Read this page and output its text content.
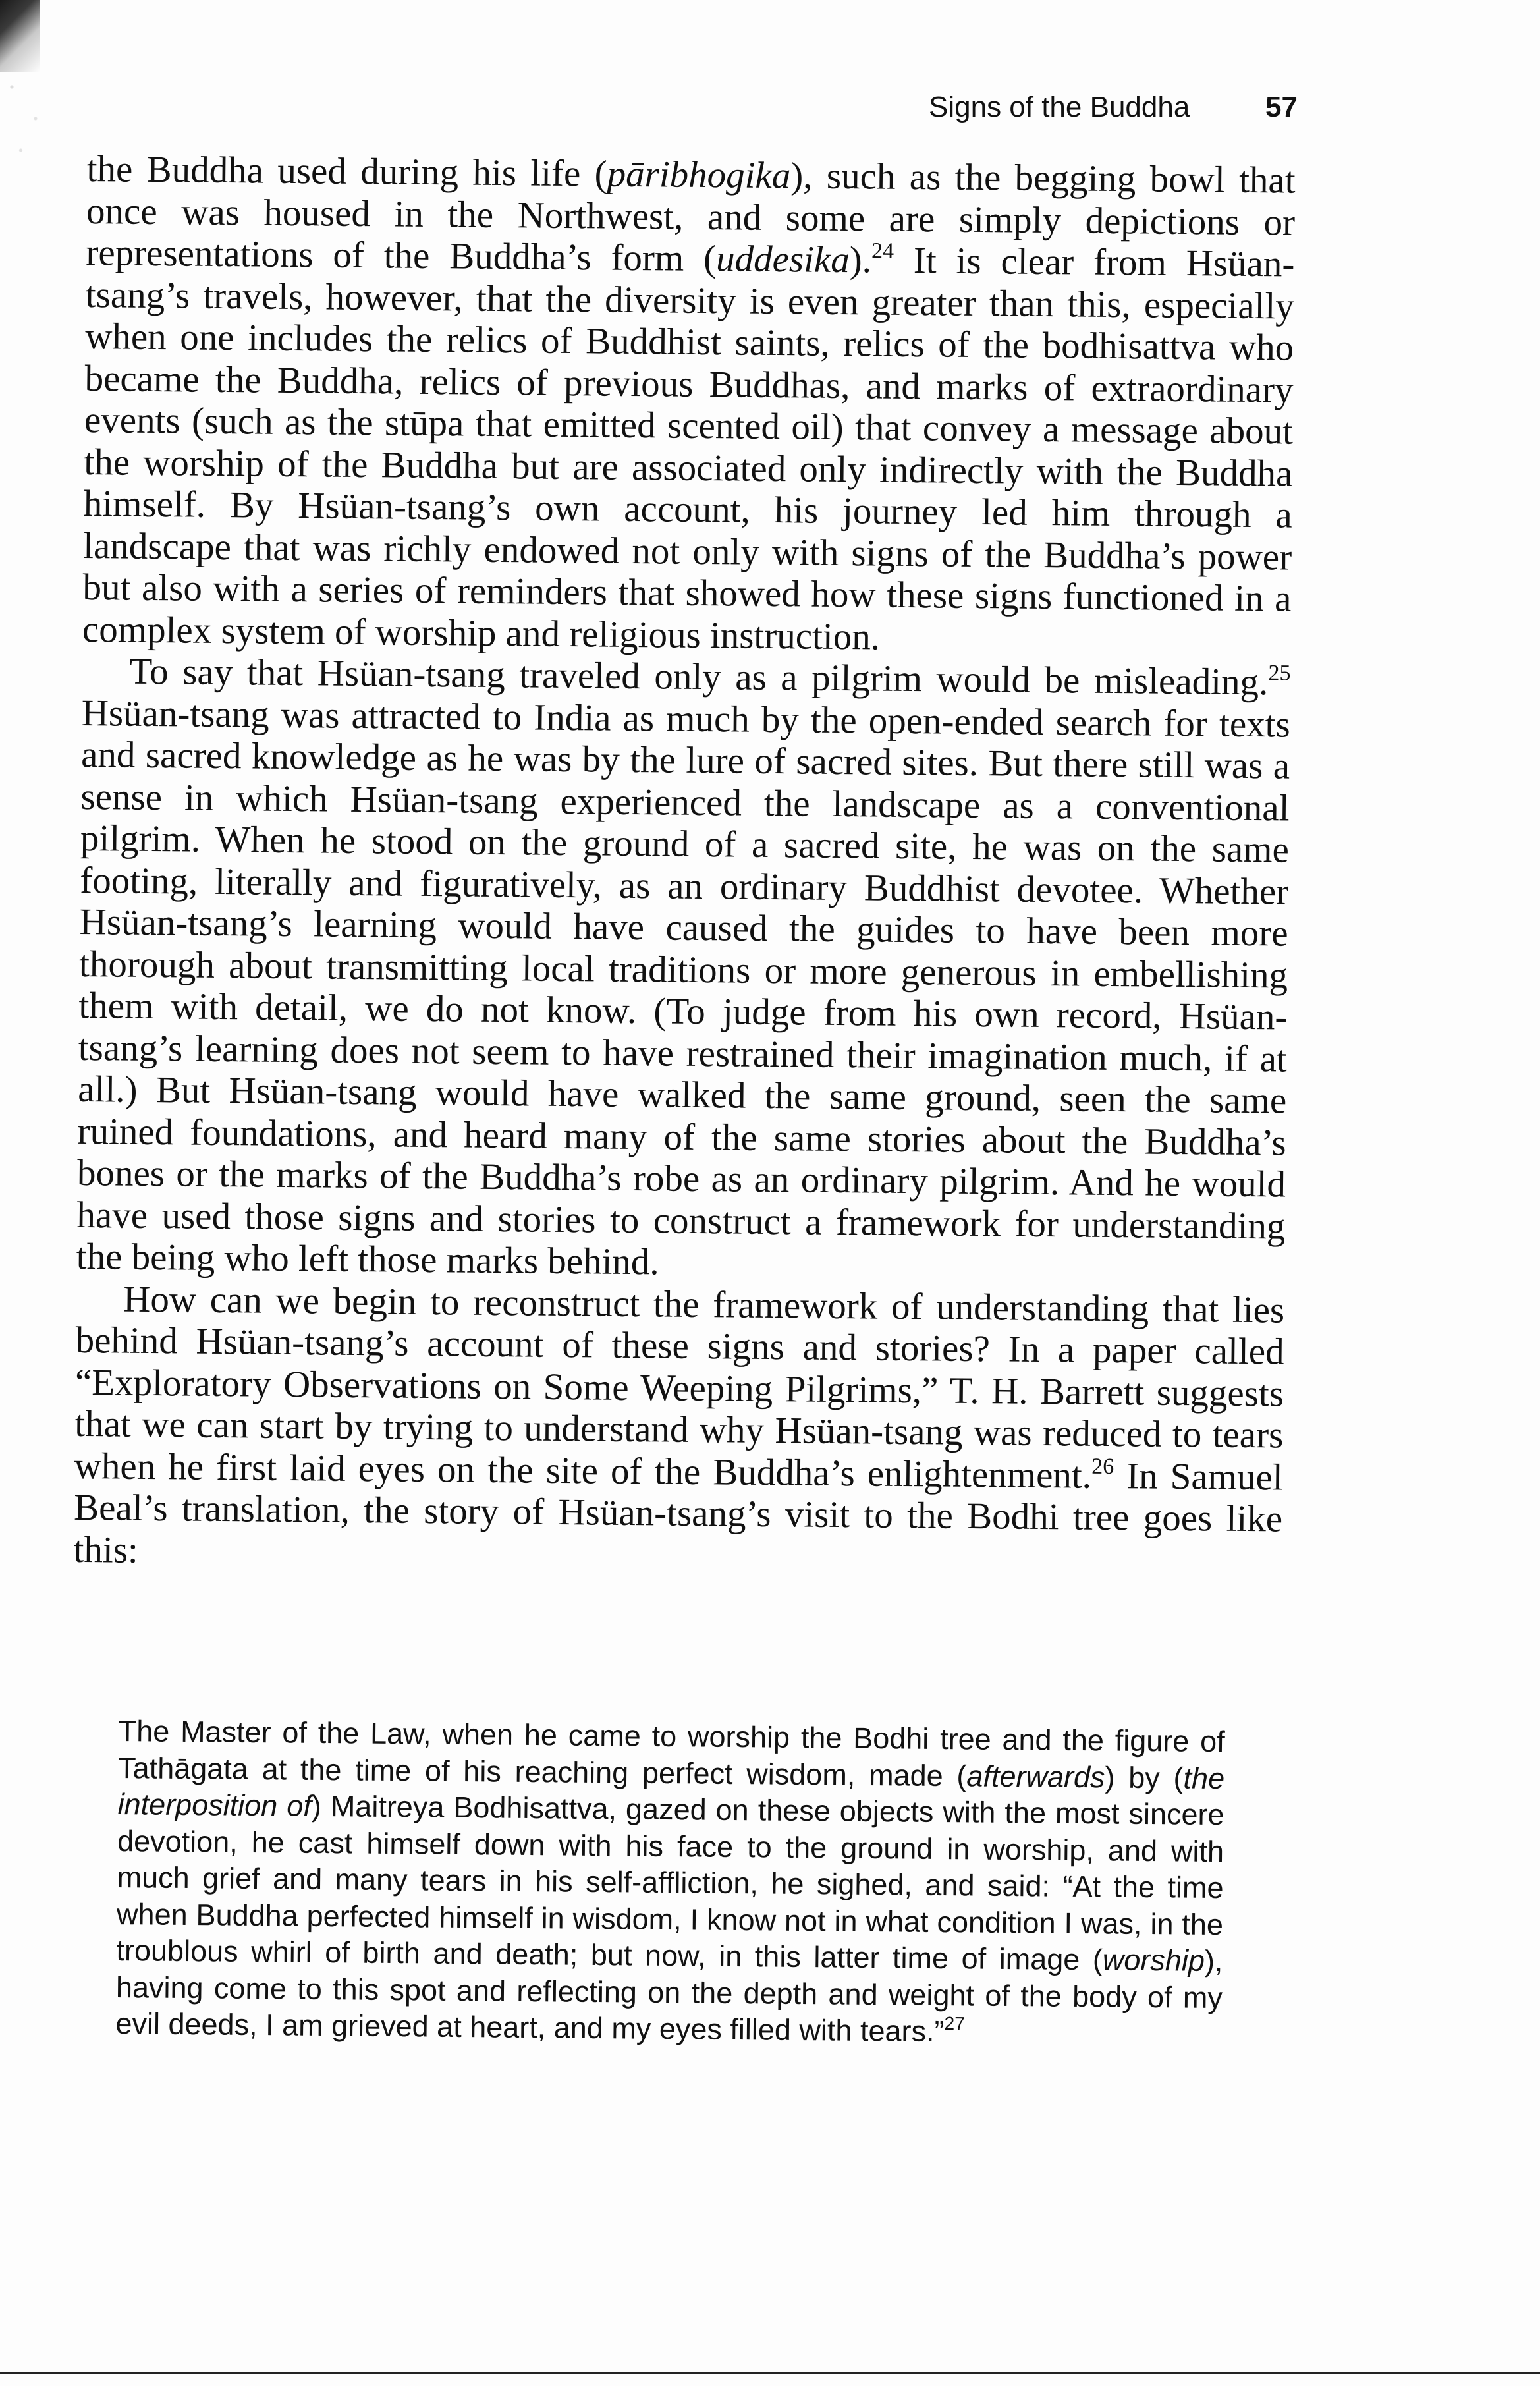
Signs of the Buddha	57

the Buddha used during his life (pāribhogika), such as the begging bowl that once was housed in the Northwest, and some are simply depictions or representations of the Buddha’s form (uddesika).$^{24}$ It is clear from Hsüan-tsang’s travels, however, that the diversity is even greater than this, especially when one includes the relics of Buddhist saints, relics of the bodhisattva who became the Buddha, relics of previous Buddhas, and marks of extraordinary events (such as the stūpa that emitted scented oil) that convey a message about the worship of the Buddha but are associated only indirectly with the Buddha himself. By Hsüan-tsang’s own account, his journey led him through a landscape that was richly endowed not only with signs of the Buddha’s power but also with a series of reminders that showed how these signs functioned in a complex system of worship and religious instruction.

To say that Hsüan-tsang traveled only as a pilgrim would be misleading.$^{25}$ Hsüan-tsang was attracted to India as much by the open-ended search for texts and sacred knowledge as he was by the lure of sacred sites. But there still was a sense in which Hsüan-tsang experienced the landscape as a conventional pilgrim. When he stood on the ground of a sacred site, he was on the same footing, literally and figuratively, as an ordinary Buddhist devotee. Whether Hsüan-tsang’s learning would have caused the guides to have been more thorough about transmitting local traditions or more generous in embellishing them with detail, we do not know. (To judge from his own record, Hsüan-tsang’s learning does not seem to have restrained their imagination much, if at all.) But Hsüan-tsang would have walked the same ground, seen the same ruined foundations, and heard many of the same stories about the Buddha’s bones or the marks of the Buddha’s robe as an ordinary pilgrim. And he would have used those signs and stories to construct a framework for understanding the being who left those marks behind.

How can we begin to reconstruct the framework of understanding that lies behind Hsüan-tsang’s account of these signs and stories? In a paper called “Exploratory Observations on Some Weeping Pilgrims,” T. H. Barrett suggests that we can start by trying to understand why Hsüan-tsang was reduced to tears when he first laid eyes on the site of the Buddha’s enlightenment.$^{26}$ In Samuel Beal’s translation, the story of Hsüan-tsang’s visit to the Bodhi tree goes like this:

The Master of the Law, when he came to worship the Bodhi tree and the figure of Tathāgata at the time of his reaching perfect wisdom, made (afterwards) by (the interposition of) Maitreya Bodhisattva, gazed on these objects with the most sincere devotion, he cast himself down with his face to the ground in worship, and with much grief and many tears in his self-affliction, he sighed, and said: “At the time when Buddha perfected himself in wisdom, I know not in what condition I was, in the troublous whirl of birth and death; but now, in this latter time of image (worship), having come to this spot and reflecting on the depth and weight of the body of my evil deeds, I am grieved at heart, and my eyes filled with tears.”$^{27}$
